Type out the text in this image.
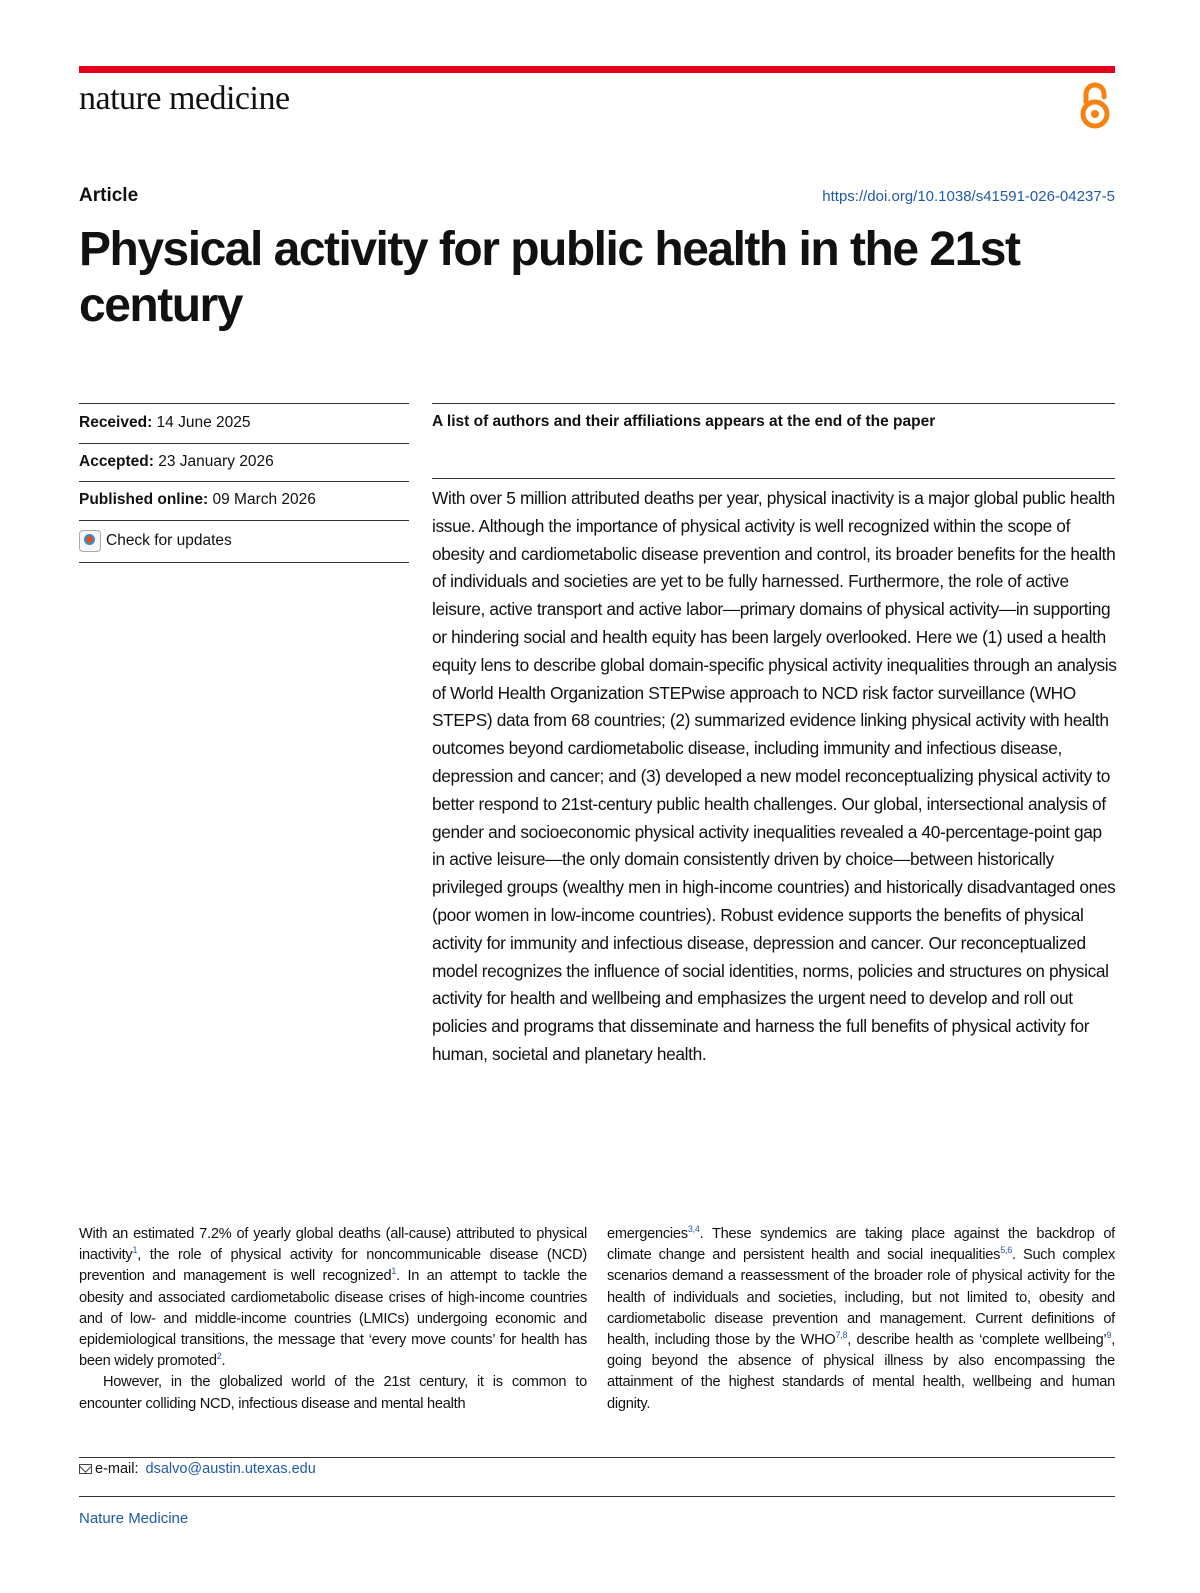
nature medicine
Article	https://doi.org/10.1038/s41591-026-04237-5
Physical activity for public health in the 21st century
Received: 14 June 2025
Accepted: 23 January 2026
Published online: 09 March 2026
Check for updates
A list of authors and their affiliations appears at the end of the paper
With over 5 million attributed deaths per year, physical inactivity is a major global public health issue. Although the importance of physical activity is well recognized within the scope of obesity and cardiometabolic disease prevention and control, its broader benefits for the health of individuals and societies are yet to be fully harnessed. Furthermore, the role of active leisure, active transport and active labor—primary domains of physical activity—in supporting or hindering social and health equity has been largely overlooked. Here we (1) used a health equity lens to describe global domain-specific physical activity inequalities through an analysis of World Health Organization STEPwise approach to NCD risk factor surveillance (WHO STEPS) data from 68 countries; (2) summarized evidence linking physical activity with health outcomes beyond cardiometabolic disease, including immunity and infectious disease, depression and cancer; and (3) developed a new model reconceptualizing physical activity to better respond to 21st-century public health challenges. Our global, intersectional analysis of gender and socioeconomic physical activity inequalities revealed a 40-percentage-point gap in active leisure—the only domain consistently driven by choice—between historically privileged groups (wealthy men in high-income countries) and historically disadvantaged ones (poor women in low-income countries). Robust evidence supports the benefits of physical activity for immunity and infectious disease, depression and cancer. Our reconceptualized model recognizes the influence of social identities, norms, policies and structures on physical activity for health and wellbeing and emphasizes the urgent need to develop and roll out policies and programs that disseminate and harness the full benefits of physical activity for human, societal and planetary health.

With an estimated 7.2% of yearly global deaths (all-cause) attributed to physical inactivity$^1$, the role of physical activity for noncommunicable disease (NCD) prevention and management is well recognized$^1$. In an attempt to tackle the obesity and associated cardiometabolic disease crises of high-income countries and of low- and middle-income countries (LMICs) undergoing economic and epidemiological transitions, the message that ‘every move counts’ for health has been widely promoted$^2$.

However, in the globalized world of the 21st century, it is common to encounter colliding NCD, infectious disease and mental health

emergencies$^{3,4}$. These syndemics are taking place against the backdrop of climate change and persistent health and social inequalities$^{5,6}$. Such complex scenarios demand a reassessment of the broader role of physical activity for the health of individuals and societies, including, but not limited to, obesity and cardiometabolic disease prevention and management. Current definitions of health, including those by the WHO$^{7,8}$, describe health as ‘complete wellbeing’$^9$, going beyond the absence of physical illness by also encompassing the attainment of the highest standards of mental health, wellbeing and human dignity.

e-mail: dsalvo@austin.utexas.edu
Nature Medicine
